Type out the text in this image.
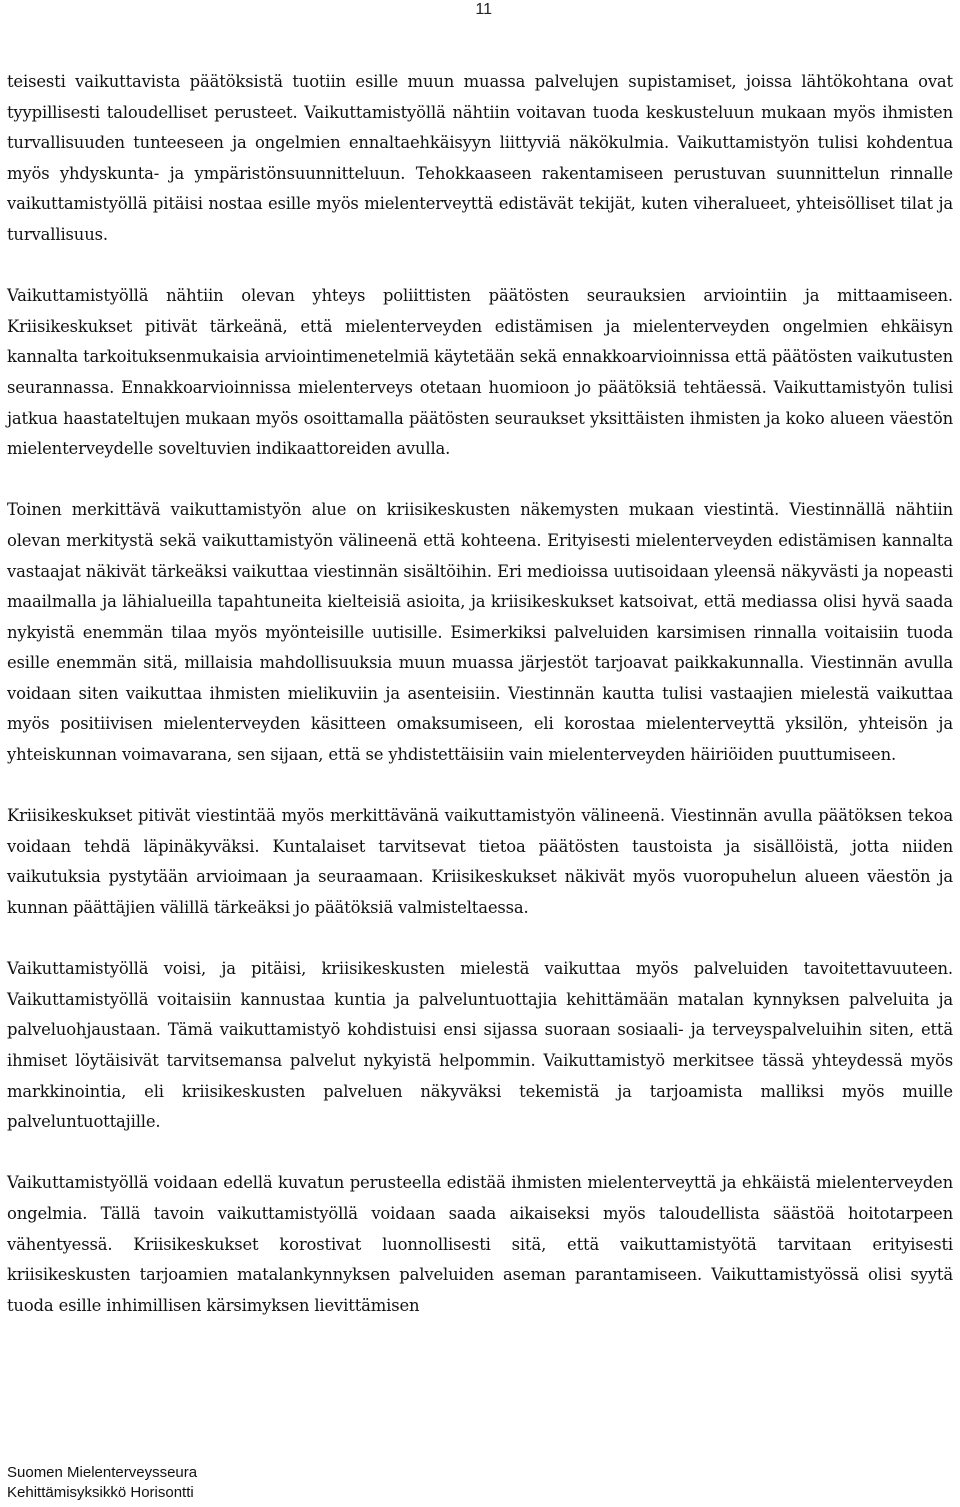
11

teisesti vaikuttavista päätöksistä tuotiin esille muun muassa palvelujen supistamiset, joissa lähtökohtana ovat tyypillisesti taloudelliset perusteet. Vaikuttamistyöllä nähtiin voitavan tuoda keskusteluun mukaan myös ihmisten turvallisuuden tunteeseen ja ongelmien ennaltaehkäisyyn liittyviä näkökulmia. Vaikuttamistyön tulisi kohdentua myös yhdyskunta- ja ympäristönsuunnitteluun. Tehokkaaseen rakentamiseen perustuvan suunnittelun rinnalle vaikuttamistyöllä pitäisi nostaa esille myös mielenterveyttä edistävät tekijät, kuten viheralueet, yhteisölliset tilat ja turvallisuus.

Vaikuttamistyöllä nähtiin olevan yhteys poliittisten päätösten seurauksien arviointiin ja mittaamiseen. Kriisikeskukset pitivät tärkeänä, että mielenterveyden edistämisen ja mielenterveyden ongelmien ehkäisyn kannalta tarkoituksenmukaisia arviointimenetelmiä käytetään sekä ennakkoarvioinnissa että päätösten vaikutusten seurannassa. Ennakkoarvioinnissa mielenterveys otetaan huomioon jo päätöksiä tehtäessä. Vaikuttamistyön tulisi jatkua haastateltujen mukaan myös osoittamalla päätösten seuraukset yksittäisten ihmisten ja koko alueen väestön mielenterveydelle soveltuvien indikaattoreiden avulla.

Toinen merkittävä vaikuttamistyön alue on kriisikeskusten näkemysten mukaan viestintä. Viestinnällä nähtiin olevan merkitystä sekä vaikuttamistyön välineenä että kohteena. Erityisesti mielenterveyden edistämisen kannalta vastaajat näkivät tärkeäksi vaikuttaa viestinnän sisältöihin. Eri medioissa uutisoidaan yleensä näkyvästi ja nopeasti maailmalla ja lähialueilla tapahtuneita kielteisiä asioita, ja kriisikeskukset katsoivat, että mediassa olisi hyvä saada nykyistä enemmän tilaa myös myönteisille uutisille. Esimerkiksi palveluiden karsimisen rinnalla voitaisiin tuoda esille enemmän sitä, millaisia mahdollisuuksia muun muassa järjestöt tarjoavat paikkakunnalla. Viestinnän avulla voidaan siten vaikuttaa ihmisten mielikuviin ja asenteisiin. Viestinnän kautta tulisi vastaajien mielestä vaikuttaa myös positiivisen mielenterveyden käsitteen omaksumiseen, eli korostaa mielenterveyttä yksilön, yhteisön ja yhteiskunnan voimavarana, sen sijaan, että se yhdistettäisiin vain mielenterveyden häiriöiden puuttumiseen.

Kriisikeskukset pitivät viestintää myös merkittävänä vaikuttamistyön välineenä. Viestinnän avulla päätöksen tekoa voidaan tehdä läpinäkyväksi. Kuntalaiset tarvitsevat tietoa päätösten taustoista ja sisällöistä, jotta niiden vaikutuksia pystytään arvioimaan ja seuraamaan. Kriisikeskukset näkivät myös vuoropuhelun alueen väestön ja kunnan päättäjien välillä tärkeäksi jo päätöksiä valmisteltaessa.

Vaikuttamistyöllä voisi, ja pitäisi, kriisikeskusten mielestä vaikuttaa myös palveluiden tavoitettavuuteen. Vaikuttamistyöllä voitaisiin kannustaa kuntia ja palveluntuottajia kehittämään matalan kynnyksen palveluita ja palveluohjaustaan. Tämä vaikuttamistyö kohdistuisi ensi sijassa suoraan sosiaali- ja terveyspalveluihin siten, että ihmiset löytäisivät tarvitsemansa palvelut nykyistä helpommin. Vaikuttamistyö merkitsee tässä yhteydessä myös markkinointia, eli kriisikeskusten palveluen näkyväksi tekemistä ja tarjoamista malliksi myös muille palveluntuottajille.

Vaikuttamistyöllä voidaan edellä kuvatun perusteella edistää ihmisten mielenterveyttä ja ehkäistä mielenterveyden ongelmia. Tällä tavoin vaikuttamistyöllä voidaan saada aikaiseksi myös taloudellista säästöä hoitotarpeen vähentyessä. Kriisikeskukset korostivat luonnollisesti sitä, että vaikuttamistyötä tarvitaan erityisesti kriisikeskusten tarjoamien matalankynnyksen palveluiden aseman parantamiseen. Vaikuttamistyössä olisi syytä tuoda esille inhimillisen kärsimyksen lievittämisen

Suomen Mielenterveysseura
Kehittämisyksikkö Horisontti
